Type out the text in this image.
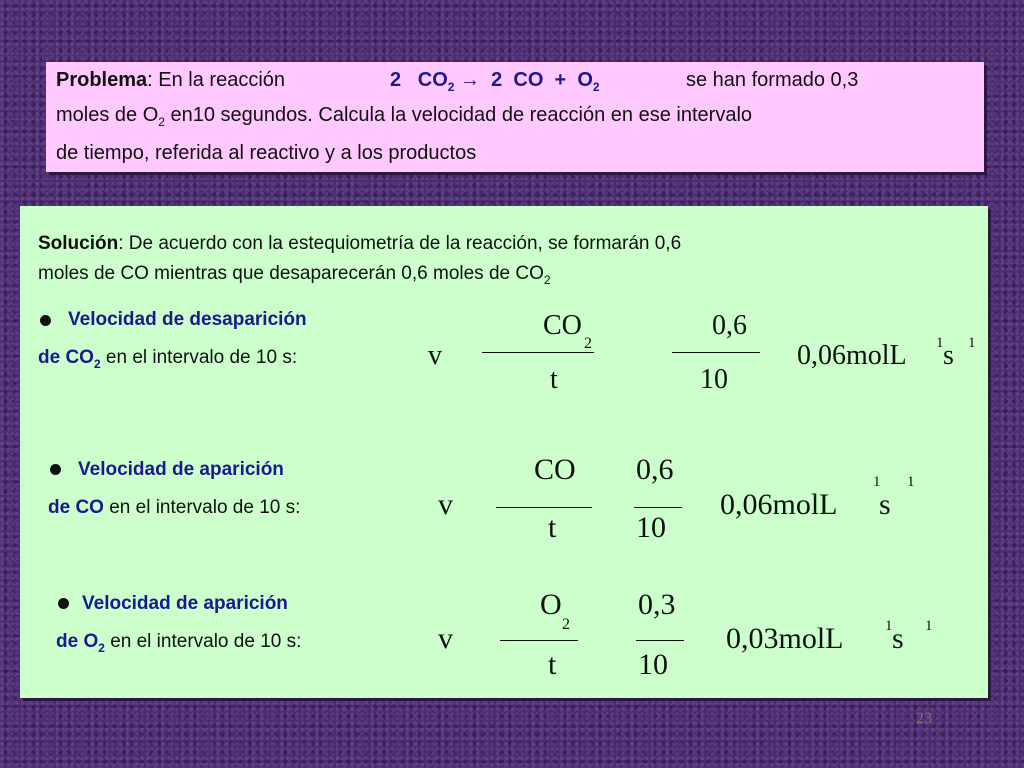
Problema: En la reacción	2 $CO_2 \to 2$ CO + $O_2$	se han formado 0,3
moles de $O_2$ en10 segundos. Calcula la velocidad de reacción en ese intervalo
de tiempo, referida al reactivo y a los productos
Solución: De acuerdo con la estequiometría de la reacción, se formarán 0,6
moles de CO mientras que desaparecerán 0,6 moles de $CO_2$
Velocidad de desaparición
de $CO_2$ en el intervalo de 10 s:	v
CO
2
t
0,6
10
0,06molL 1 s 1
Velocidad de aparición
de CO en el intervalo de 10 s:	v
CO
t
0,6
10
0,06molL
1
s
1
Velocidad de aparición
de $O_2$ en el intervalo de 10 s:	v
O
2
t
0,3
10
0,03molL	1 s 1
23
